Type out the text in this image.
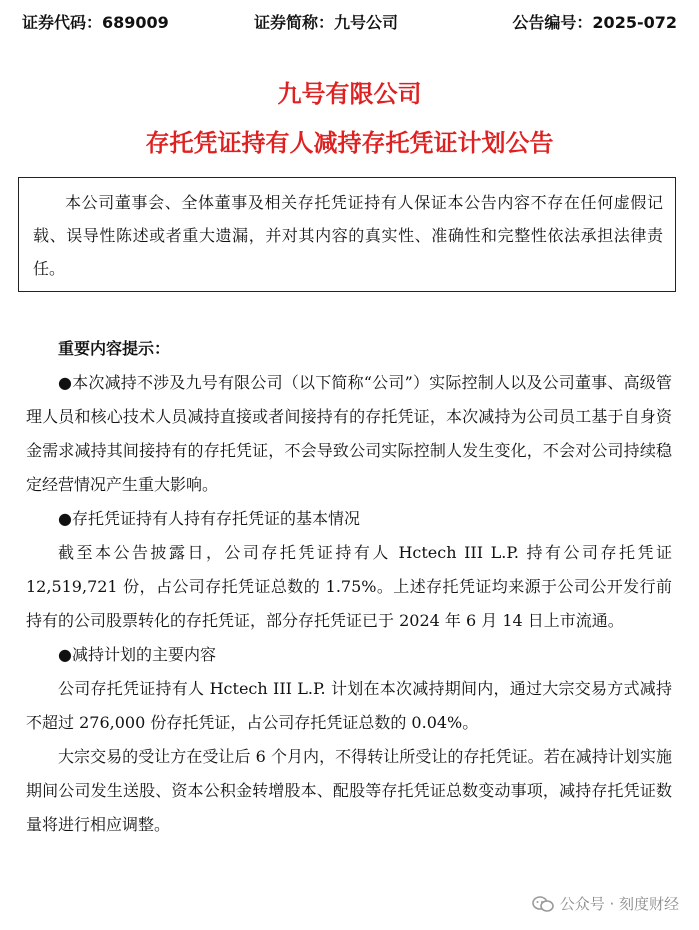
证券代码：689009	证券简称：九号公司	公告编号：2025-072
九号有限公司
存托凭证持有人减持存托凭证计划公告
本公司董事会、全体董事及相关存托凭证持有人保证本公告内容不存在任何虚假记载、误导性陈述或者重大遗漏，并对其内容的真实性、准确性和完整性依法承担法律责任。

重要内容提示：

●本次减持不涉及九号有限公司（以下简称“公司”）实际控制人以及公司董事、高级管理人员和核心技术人员减持直接或者间接持有的存托凭证，本次减持为公司员工基于自身资金需求减持其间接持有的存托凭证，不会导致公司实际控制人发生变化，不会对公司持续稳定经营情况产生重大影响。

●存托凭证持有人持有存托凭证的基本情况

截至本公告披露日，公司存托凭证持有人 Hctech III L.P. 持有公司存托凭证 12,519,721 份，占公司存托凭证总数的 1.75%。上述存托凭证均来源于公司公开发行前持有的公司股票转化的存托凭证，部分存托凭证已于 2024 年 6 月 14 日上市流通。

●减持计划的主要内容

公司存托凭证持有人 Hctech III L.P. 计划在本次减持期间内，通过大宗交易方式减持不超过 276,000 份存托凭证，占公司存托凭证总数的 0.04%。

大宗交易的受让方在受让后 6 个月内，不得转让所受让的存托凭证。若在减持计划实施期间公司发生送股、资本公积金转增股本、配股等存托凭证总数变动事项，减持存托凭证数量将进行相应调整。

公众号 · 刻度财经
